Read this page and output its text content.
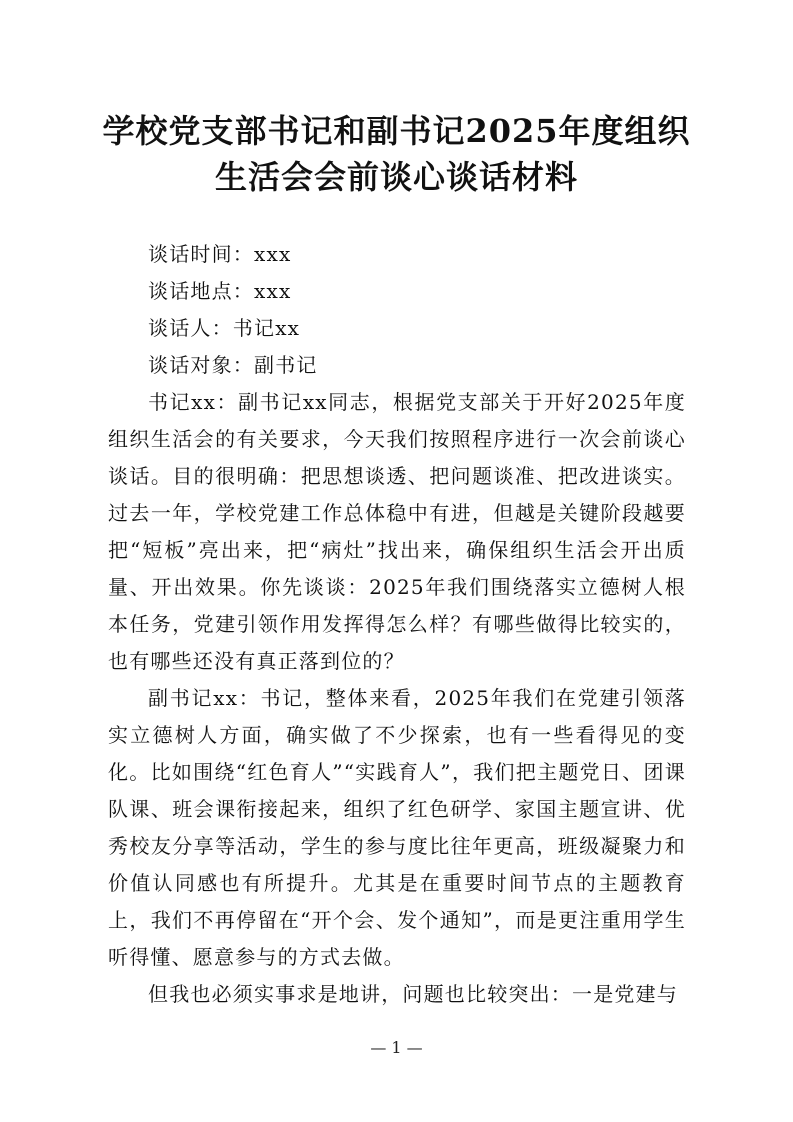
学校党支部书记和副书记2025年度组织
生活会会前谈心谈话材料

谈话时间：xxx

谈话地点：xxx

谈话人：书记xx

谈话对象：副书记

书记xx：副书记xx同志，根据党支部关于开好2025年度组织生活会的有关要求，今天我们按照程序进行一次会前谈心谈话。目的很明确：把思想谈透、把问题谈准、把改进谈实。过去一年，学校党建工作总体稳中有进，但越是关键阶段越要把“短板”亮出来，把“病灶”找出来，确保组织生活会开出质量、开出效果。你先谈谈：2025年我们围绕落实立德树人根本任务，党建引领作用发挥得怎么样？有哪些做得比较实的，也有哪些还没有真正落到位的？

副书记xx：书记，整体来看，2025年我们在党建引领落实立德树人方面，确实做了不少探索，也有一些看得见的变化。比如围绕“红色育人”“实践育人”，我们把主题党日、团课队课、班会课衔接起来，组织了红色研学、家国主题宣讲、优秀校友分享等活动，学生的参与度比往年更高，班级凝聚力和价值认同感也有所提升。尤其是在重要时间节点的主题教育上，我们不再停留在“开个会、发个通知”，而是更注重用学生听得懂、愿意参与的方式去做。

但我也必须实事求是地讲，问题也比较突出：一是党建与

— 1 —
